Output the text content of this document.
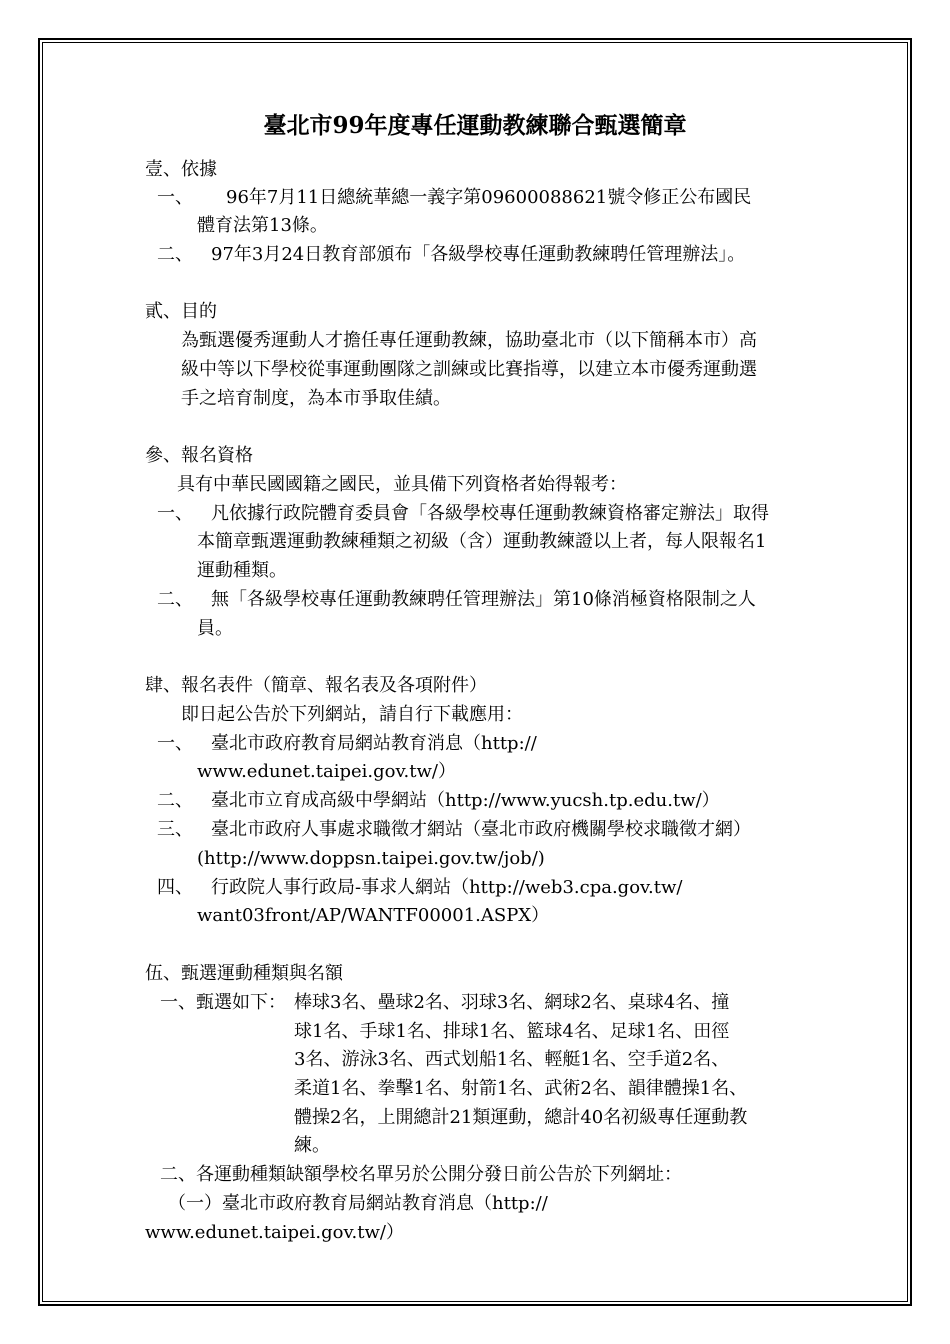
臺北市99年度專任運動教練聯合甄選簡章
壹、依據
一、 96年7月11日總統華總一義字第09600088621號令修正公布國民
體育法第13條。
二、 97年3月24日教育部頒布「各級學校專任運動教練聘任管理辦法」。
貳、目的
為甄選優秀運動人才擔任專任運動教練，協助臺北市（以下簡稱本市）高
級中等以下學校從事運動團隊之訓練或比賽指導，以建立本市優秀運動選
手之培育制度，為本市爭取佳績。
參、報名資格
具有中華民國國籍之國民，並具備下列資格者始得報考：
一、 凡依據行政院體育委員會「各級學校專任運動教練資格審定辦法」取得
本簡章甄選運動教練種類之初級（含）運動教練證以上者，每人限報名1
運動種類。
二、 無「各級學校專任運動教練聘任管理辦法」第10條消極資格限制之人
員。
肆、報名表件（簡章、報名表及各項附件）
即日起公告於下列網站，請自行下載應用：
一、 臺北市政府教育局網站教育消息（http://
www.edunet.taipei.gov.tw/）
二、 臺北市立育成高級中學網站（http://www.yucsh.tp.edu.tw/）
三、 臺北市政府人事處求職徵才網站（臺北市政府機關學校求職徵才網）
(http://www.doppsn.taipei.gov.tw/job/)
四、 行政院人事行政局-事求人網站（http://web3.cpa.gov.tw/
want03front/AP/WANTF00001.ASPX）
伍、甄選運動種類與名額
一、甄選如下： 棒球3名、壘球2名、羽球3名、網球2名、桌球4名、撞
球1名、手球1名、排球1名、籃球4名、足球1名、田徑
3名、游泳3名、西式划船1名、輕艇1名、空手道2名、
柔道1名、拳擊1名、射箭1名、武術2名、韻律體操1名、
體操2名，上開總計21類運動，總計40名初級專任運動教
練。
二、各運動種類缺額學校名單另於公開分發日前公告於下列網址：
（一）臺北市政府教育局網站教育消息（http://
www.edunet.taipei.gov.tw/）
